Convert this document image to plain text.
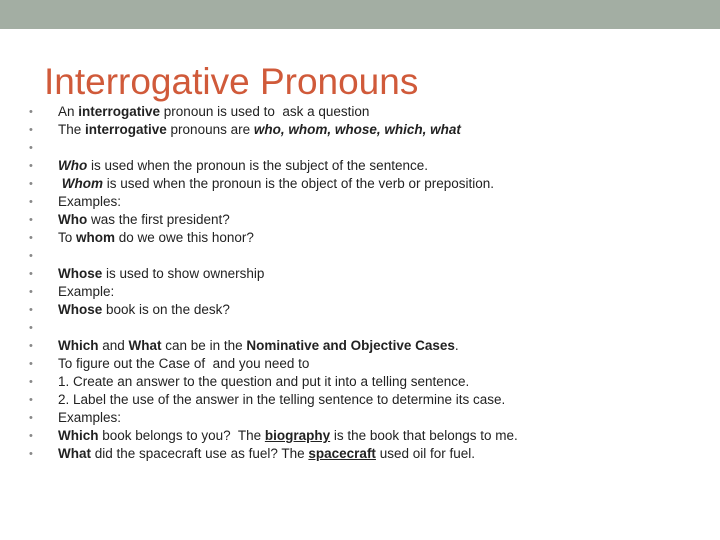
Interrogative Pronouns
•	An interrogative pronoun is used to  ask a question
•	The interrogative pronouns are who, whom, whose, which, what
•
•	Who is used when the pronoun is the subject of the sentence.
•	Whom is used when the pronoun is the object of the verb or preposition.
•	Examples:
•	Who was the first president?
•	To whom do we owe this honor?
•
•	Whose is used to show ownership
•	Example:
•	Whose book is on the desk?
•
•	Which and What can be in the Nominative and Objective Cases.
•	To figure out the Case of  and you need to
•	1. Create an answer to the question and put it into a telling sentence.
•	2. Label the use of the answer in the telling sentence to determine its case.
•	Examples:
•	Which book belongs to you?  The biography is the book that belongs to me.
•	What did the spacecraft use as fuel? The spacecraft used oil for fuel.
